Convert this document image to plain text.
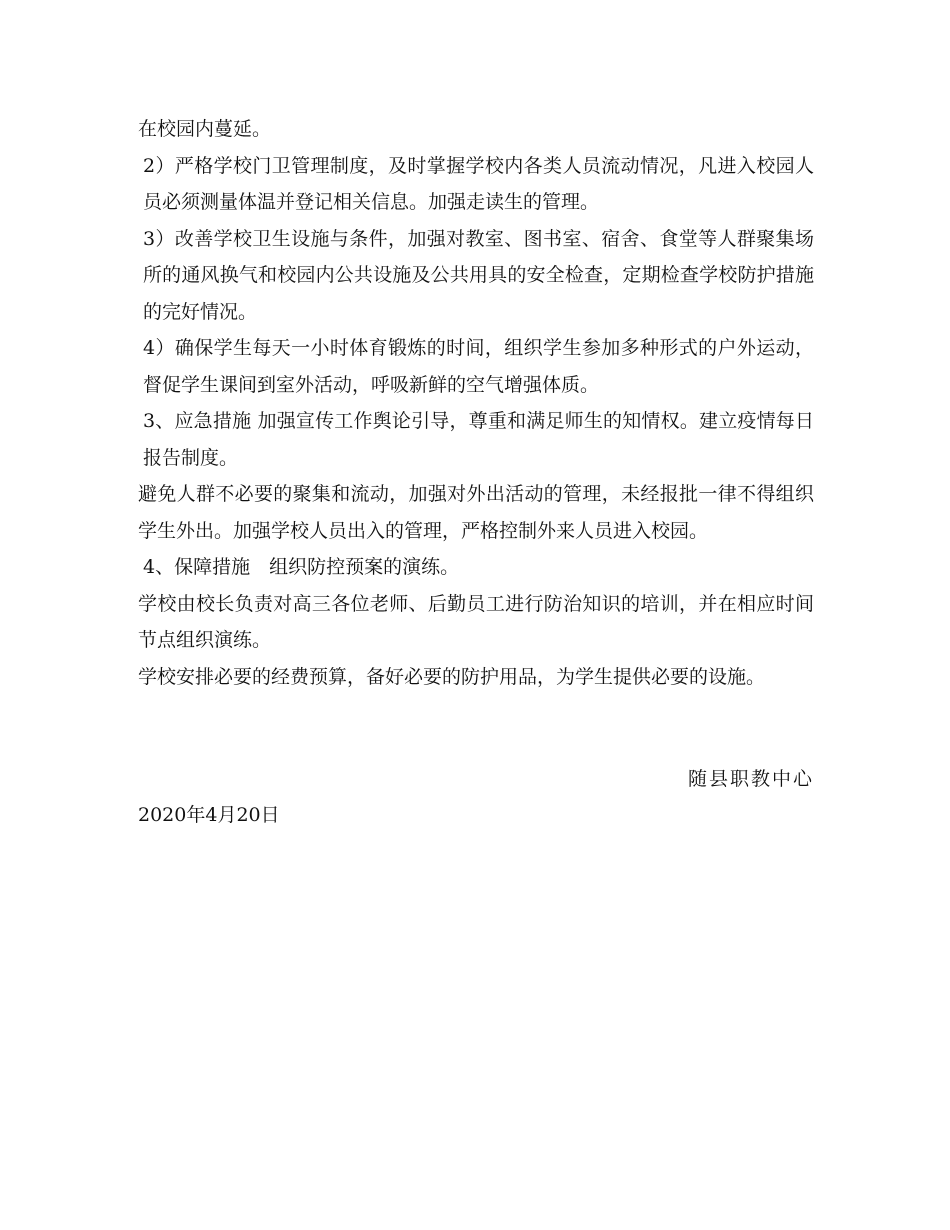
在校园内蔓延。

2）严格学校门卫管理制度，及时掌握学校内各类人员流动情况，凡进入校园人员必须测量体温并登记相关信息。加强走读生的管理。

3）改善学校卫生设施与条件，加强对教室、图书室、宿舍、食堂等人群聚集场所的通风换气和校园内公共设施及公共用具的安全检查，定期检查学校防护措施的完好情况。

4）确保学生每天一小时体育锻炼的时间，组织学生参加多种形式的户外运动，督促学生课间到室外活动，呼吸新鲜的空气增强体质。

3、应急措施 加强宣传工作舆论引导，尊重和满足师生的知情权。建立疫情每日报告制度。

避免人群不必要的聚集和流动，加强对外出活动的管理，未经报批一律不得组织学生外出。加强学校人员出入的管理，严格控制外来人员进入校园。

4、保障措施　组织防控预案的演练。

学校由校长负责对高三各位老师、后勤员工进行防治知识的培训，并在相应时间节点组织演练。

学校安排必要的经费预算，备好必要的防护用品，为学生提供必要的设施。

随县职教中心
2020年4月20日
